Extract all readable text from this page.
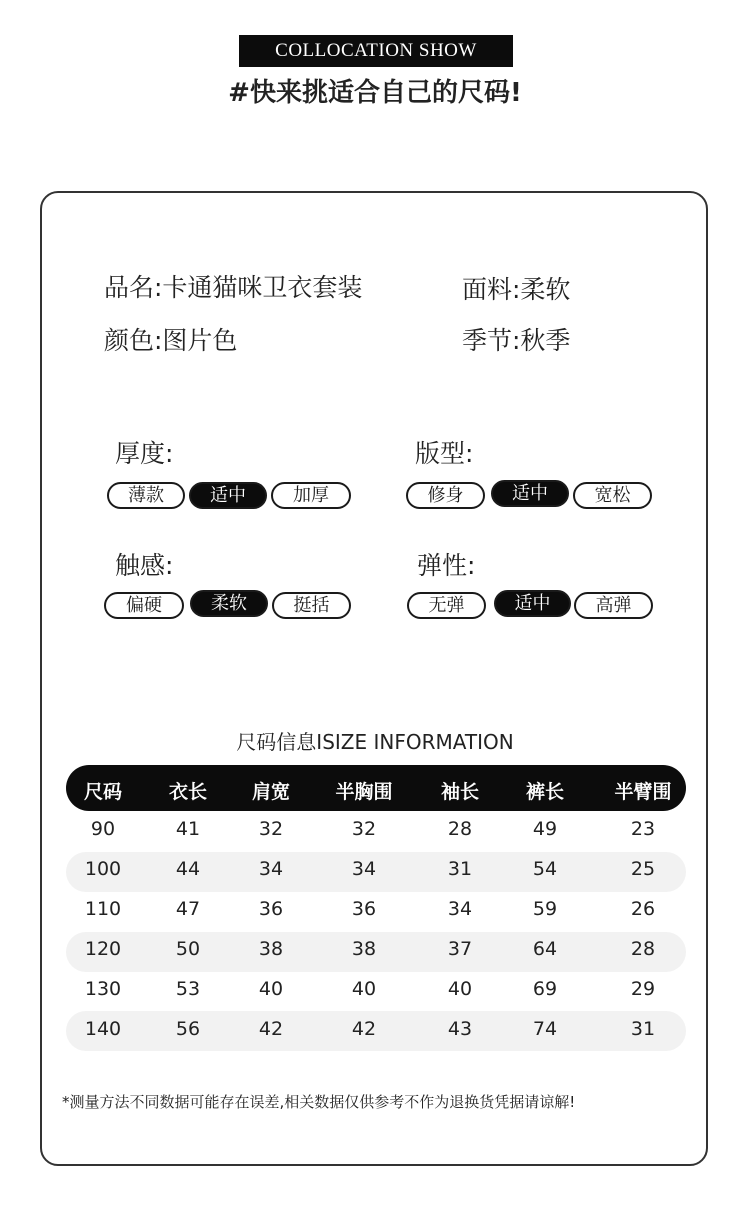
COLLOCATION SHOW
#快来挑适合自己的尺码!
品名:卡通猫咪卫衣套装	面料:柔软
颜色:图片色	季节:秋季
厚度:
薄款	适中	加厚
版型:
修身	适中	宽松
触感:
偏硬	柔软	挺括
弹性:
无弹	适中	高弹
尺码信息ISIZE INFORMATION
尺码	衣长	肩宽	半胸围	袖长	裤长	半臂围
90	41	32	32	28	49	23
100	44	34	34	31	54	25
110	47	36	36	34	59	26
120	50	38	38	37	64	28
130	53	40	40	40	69	29
140	56	42	42	43	74	31
*测量方法不同数据可能存在误差,相关数据仅供参考不作为退换货凭据请谅解!
